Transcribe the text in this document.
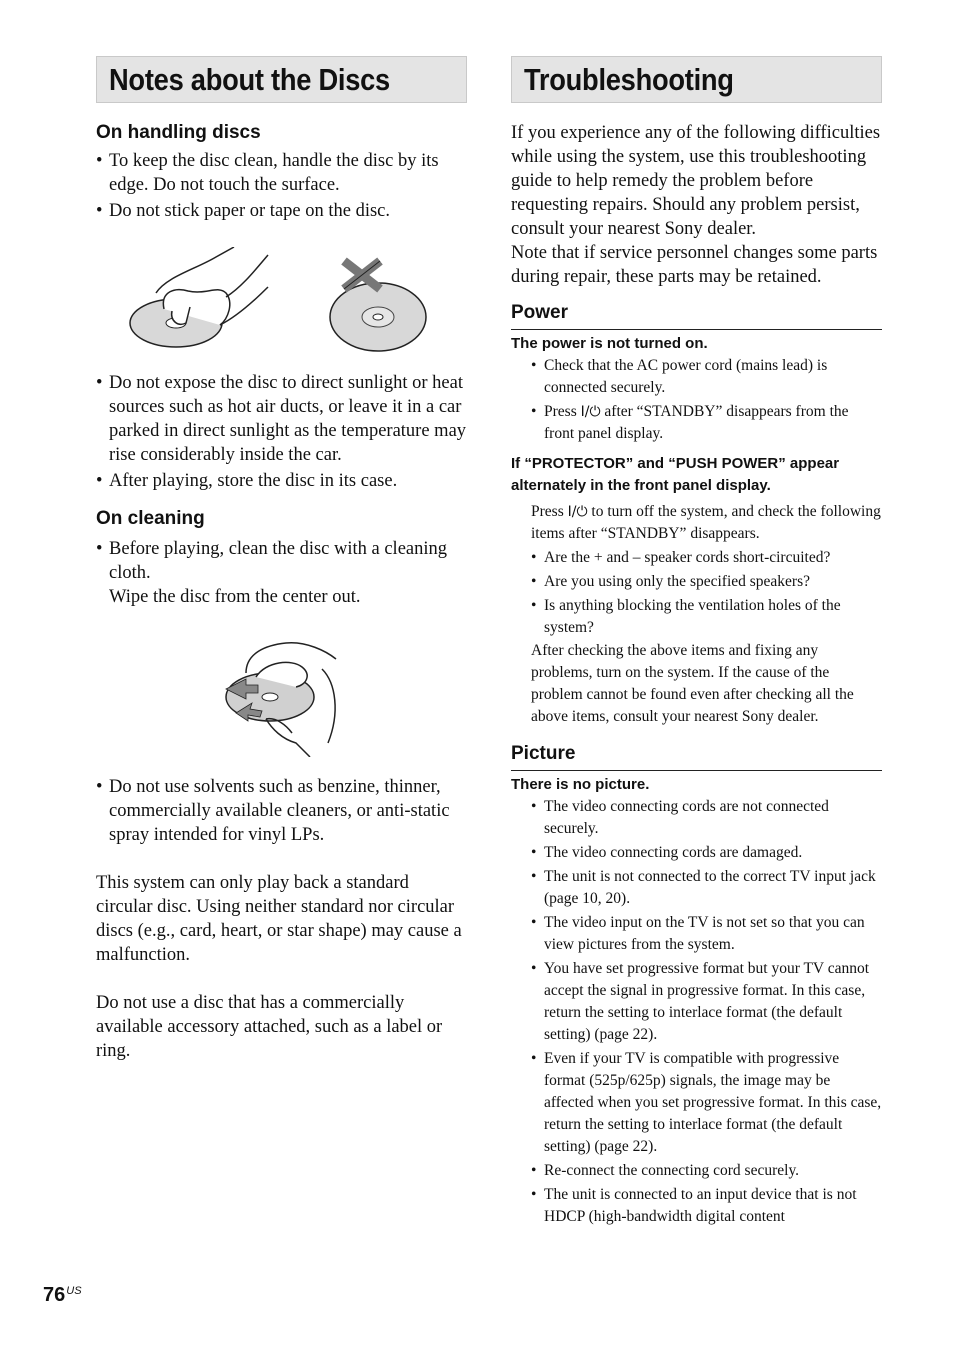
Notes about the Discs
On handling discs
• To keep the disc clean, handle the disc by its edge. Do not touch the surface.
• Do not stick paper or tape on the disc.
• Do not expose the disc to direct sunlight or heat sources such as hot air ducts, or leave it in a car parked in direct sunlight as the temperature may rise considerably inside the car.
• After playing, store the disc in its case.
On cleaning
• Before playing, clean the disc with a cleaning cloth.
Wipe the disc from the center out.
• Do not use solvents such as benzine, thinner, commercially available cleaners, or anti-static spray intended for vinyl LPs.

This system can only play back a standard circular disc. Using neither standard nor circular discs (e.g., card, heart, or star shape) may cause a malfunction.

Do not use a disc that has a commercially available accessory attached, such as a label or ring.

Troubleshooting

If you experience any of the following difficulties while using the system, use this troubleshooting guide to help remedy the problem before requesting repairs. Should any problem persist, consult your nearest Sony dealer.

Note that if service personnel changes some parts during repair, these parts may be retained.

Power
The power is not turned on.
• Check that the AC power cord (mains lead) is connected securely.
• Press I/⏻ after “STANDBY” disappears from the front panel display.
If “PROTECTOR” and “PUSH POWER” appear alternately in the front panel display.

Press I/⏻ to turn off the system, and check the following items after “STANDBY” disappears.

• Are the + and – speaker cords short-circuited?
• Are you using only the specified speakers?
• Is anything blocking the ventilation holes of the system?

After checking the above items and fixing any problems, turn on the system. If the cause of the problem cannot be found even after checking all the above items, consult your nearest Sony dealer.

Picture
There is no picture.
• The video connecting cords are not connected securely.
• The video connecting cords are damaged.
• The unit is not connected to the correct TV input jack (page 10, 20).
• The video input on the TV is not set so that you can view pictures from the system.
• You have set progressive format but your TV cannot accept the signal in progressive format. In this case, return the setting to interlace format (the default setting) (page 22).
• Even if your TV is compatible with progressive format (525p/625p) signals, the image may be affected when you set progressive format. In this case, return the setting to interlace format (the default setting) (page 22).
• Re-connect the connecting cord securely.
• The unit is connected to an input device that is not HDCP (high-bandwidth digital content
$76^{US}$
